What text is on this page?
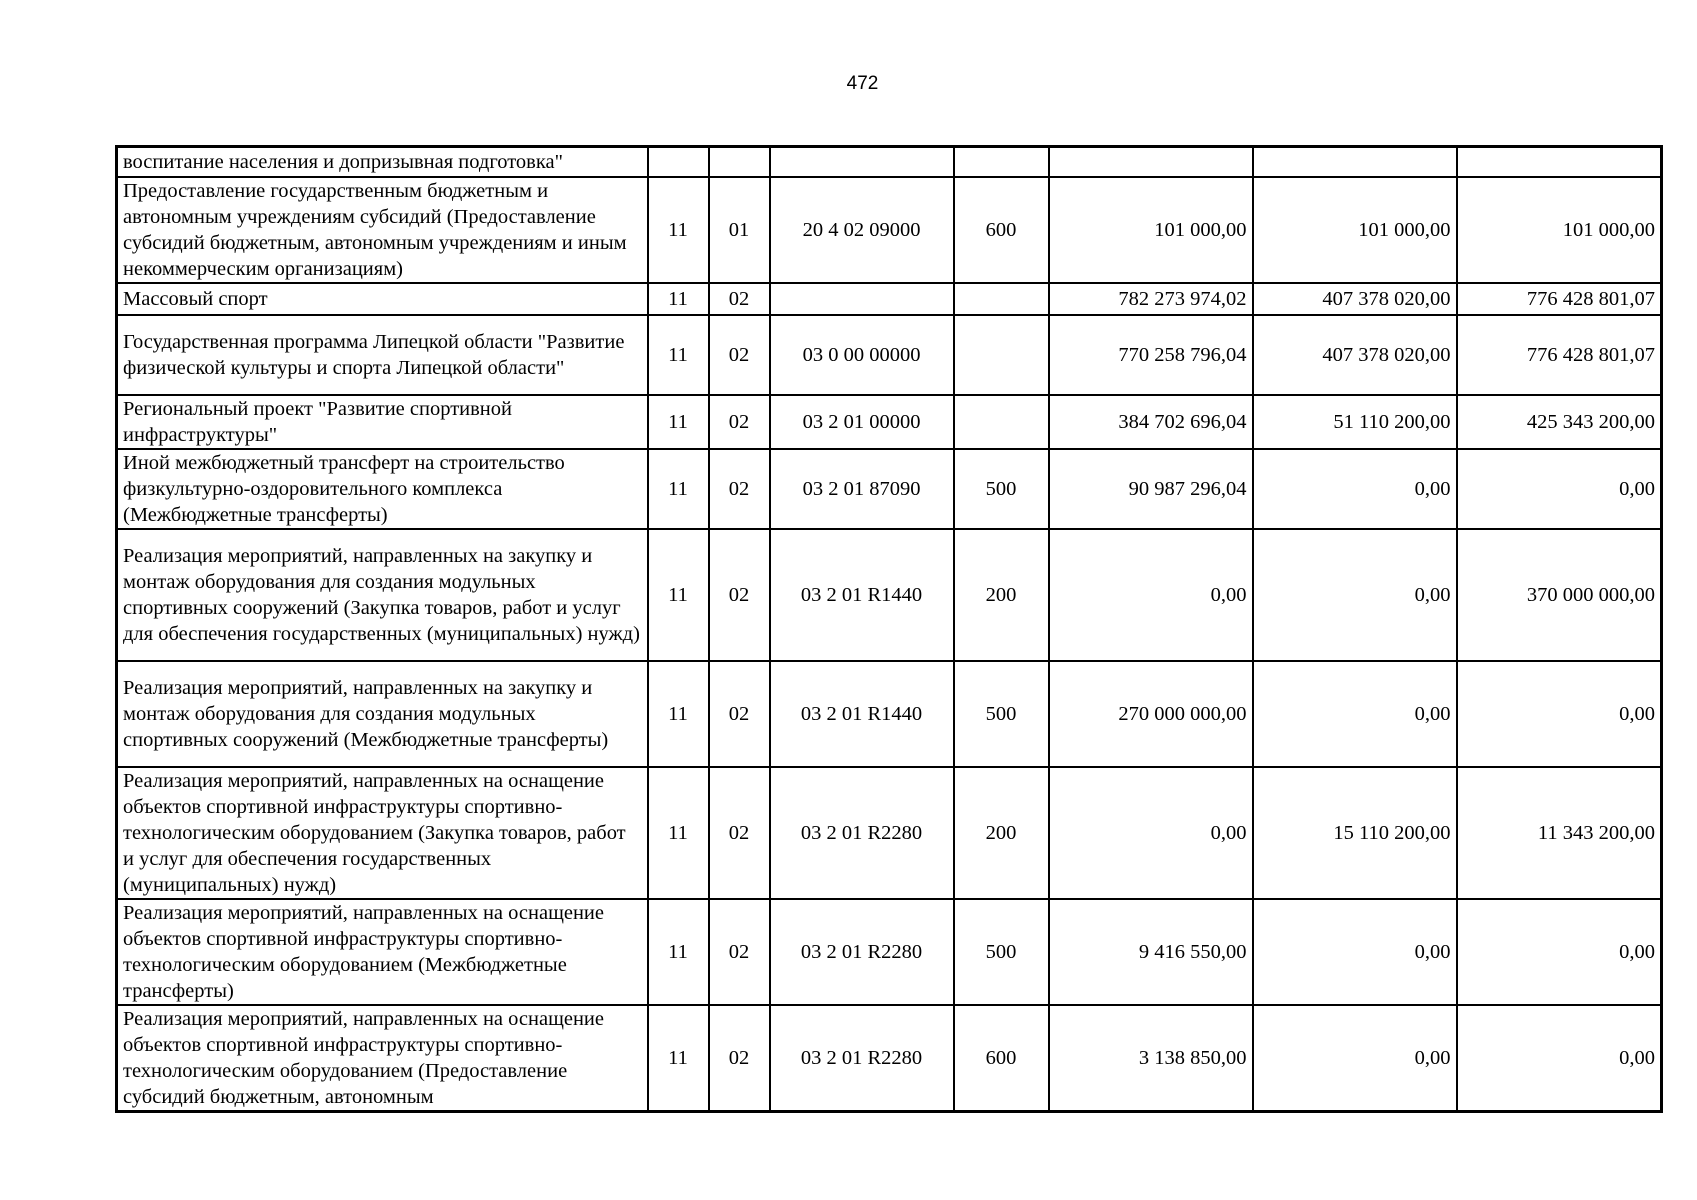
472
воспитание населения и допризывная подготовка"							
Предоставление государственным бюджетным и автономным учреждениям субсидий (Предоставление субсидий бюджетным, автономным учреждениям и иным некоммерческим организациям)	11	01	20 4 02 09000	600	101 000,00	101 000,00	101 000,00
Массовый спорт	11	02			782 273 974,02	407 378 020,00	776 428 801,07
Государственная программа Липецкой области "Развитие физической культуры и спорта Липецкой области"	11	02	03 0 00 00000		770 258 796,04	407 378 020,00	776 428 801,07
Региональный проект "Развитие спортивной инфраструктуры"	11	02	03 2 01 00000		384 702 696,04	51 110 200,00	425 343 200,00
Иной межбюджетный трансферт на строительство физкультурно-оздоровительного комплекса (Межбюджетные трансферты)	11	02	03 2 01 87090	500	90 987 296,04	0,00	0,00
Реализация мероприятий, направленных на закупку и монтаж оборудования для создания модульных спортивных сооружений (Закупка товаров, работ и услуг для обеспечения государственных (муниципальных) нужд)	11	02	03 2 01 R1440	200	0,00	0,00	370 000 000,00
Реализация мероприятий, направленных на закупку и монтаж оборудования для создания модульных спортивных сооружений (Межбюджетные трансферты)	11	02	03 2 01 R1440	500	270 000 000,00	0,00	0,00
Реализация мероприятий, направленных на оснащение объектов спортивной инфраструктуры спортивно-технологическим оборудованием (Закупка товаров, работ и услуг для обеспечения государственных (муниципальных) нужд)	11	02	03 2 01 R2280	200	0,00	15 110 200,00	11 343 200,00
Реализация мероприятий, направленных на оснащение объектов спортивной инфраструктуры спортивно-технологическим оборудованием (Межбюджетные трансферты)	11	02	03 2 01 R2280	500	9 416 550,00	0,00	0,00
Реализация мероприятий, направленных на оснащение объектов спортивной инфраструктуры спортивно-технологическим оборудованием (Предоставление субсидий бюджетным, автономным	11	02	03 2 01 R2280	600	3 138 850,00	0,00	0,00
